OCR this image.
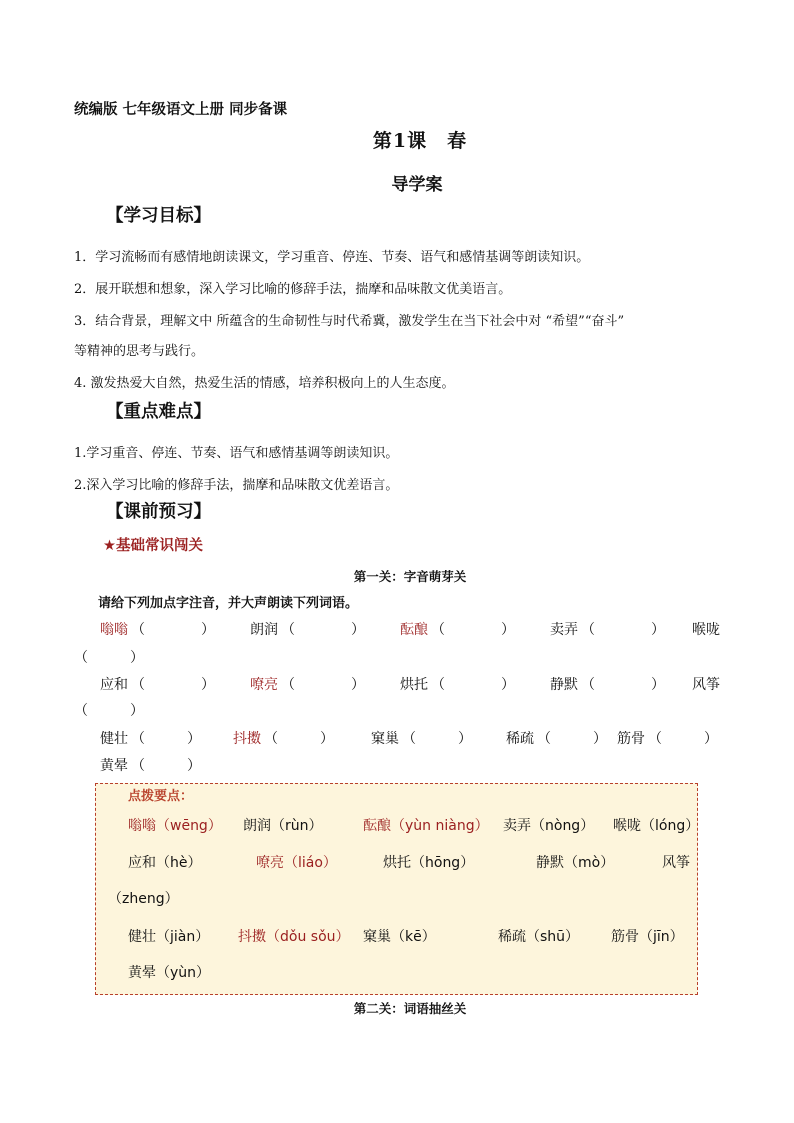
统编版 七年级语文上册 同步备课
第1课　春
导学案
【学习目标】
1．学习流畅而有感情地朗读课文，学习重音、停连、节奏、语气和感情基调等朗读知识。
2．展开联想和想象，深入学习比喻的修辞手法，揣摩和品味散文优美语言。
3．结合背景，理解文中 所蕴含的生命韧性与时代希冀，激发学生在当下社会中对 “希望”“奋斗”
等精神的思考与践行。
4. 激发热爱大自然，热爱生活的情感，培养积极向上的人生态度。
【重点难点】
1.学习重音、停连、节奏、语气和感情基调等朗读知识。
2.深入学习比喻的修辞手法，揣摩和品味散文优差语言。
【课前预习】
★基础常识闯关
第一关：字音萌芽关
请给下列加点字注音，并大声朗读下列词语。
嗡嗡 （　　　　）	朗润 （　　　　）	酝酿 （　　　　）	卖弄 （　　　　） 喉咙
（　　　）
应和 （　　　　）	嘹亮 （　　　　）	烘托 （　　　　）	静默 （　　　　） 风筝
（　　　）
健壮 （　　　） 抖擞 （　　　）	窠巢 （　　　） 稀疏 （　　　） 筋骨 （　　　）
黄晕 （　　　）
点拨要点：
嗡嗡（wēng） 朗润（rùn）	酝酿（yùn niàng） 卖弄（nòng） 喉咙（lóng）
应和（hè）	嘹亮（liáo）	烘托（hōng）	静默（mò）	风筝
（zheng）
健壮（jiàn） 抖擞（dǒu sǒu） 窠巢（kē）	稀疏（shū） 筋骨（jīn）
黄晕（yùn）
第二关：词语抽丝关
